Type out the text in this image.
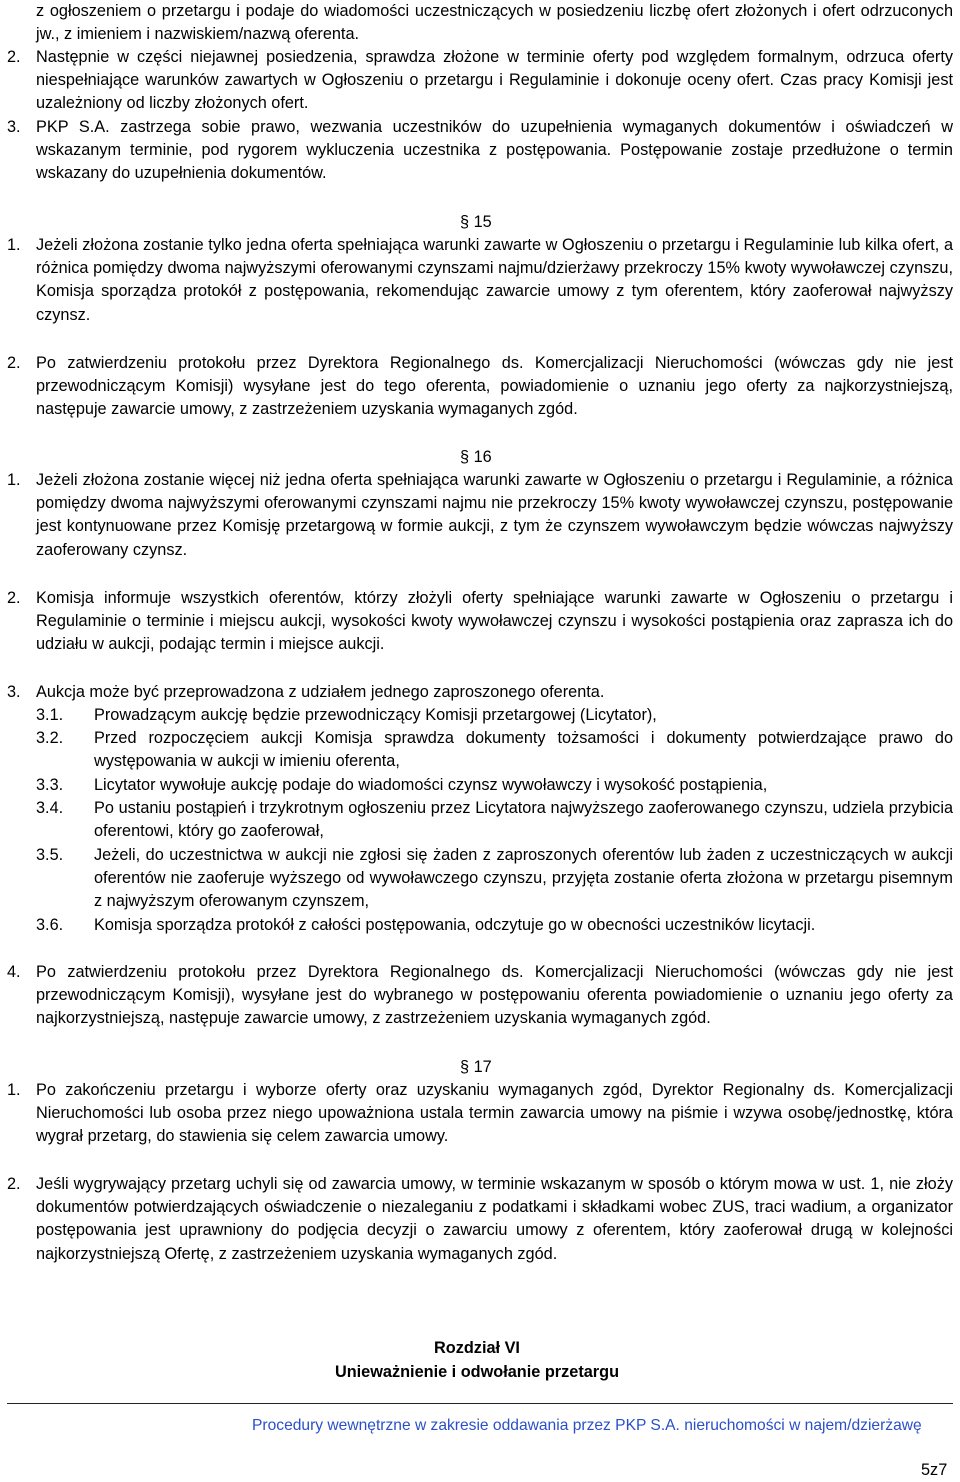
z ogłoszeniem o przetargu i podaje do wiadomości uczestniczących w posiedzeniu liczbę ofert złożonych i ofert odrzuconych jw., z imieniem i nazwiskiem/nazwą oferenta.
2. Następnie w części niejawnej posiedzenia, sprawdza złożone w terminie oferty pod względem formalnym, odrzuca oferty niespełniające warunków zawartych w Ogłoszeniu o przetargu i Regulaminie i dokonuje oceny ofert. Czas pracy Komisji jest uzależniony od liczby złożonych ofert.
3. PKP S.A. zastrzega sobie prawo, wezwania uczestników do uzupełnienia wymaganych dokumentów i oświadczeń w wskazanym terminie, pod rygorem wykluczenia uczestnika z postępowania. Postępowanie zostaje przedłużone o termin wskazany do uzupełnienia dokumentów.
§ 15
1. Jeżeli złożona zostanie tylko jedna oferta spełniająca warunki zawarte w Ogłoszeniu o przetargu i Regulaminie lub kilka ofert, a różnica pomiędzy dwoma najwyższymi oferowanymi czynszami najmu/dzierżawy przekroczy 15% kwoty wywoławczej czynszu, Komisja sporządza protokół z postępowania, rekomendując zawarcie umowy z tym oferentem, który zaoferował najwyższy czynsz.
2. Po zatwierdzeniu protokołu przez Dyrektora Regionalnego ds. Komercjalizacji Nieruchomości (wówczas gdy nie jest przewodniczącym Komisji) wysyłane jest do tego oferenta, powiadomienie o uznaniu jego oferty za najkorzystniejszą, następuje zawarcie umowy, z zastrzeżeniem uzyskania wymaganych zgód.
§ 16
1. Jeżeli złożona zostanie więcej niż jedna oferta spełniająca warunki zawarte w Ogłoszeniu o przetargu i Regulaminie, a różnica pomiędzy dwoma najwyższymi oferowanymi czynszami najmu nie przekroczy 15% kwoty wywoławczej czynszu, postępowanie jest kontynuowane przez Komisję przetargową w formie aukcji, z tym że czynszem wywoławczym będzie wówczas najwyższy zaoferowany czynsz.
2. Komisja informuje wszystkich oferentów, którzy złożyli oferty spełniające warunki zawarte w Ogłoszeniu o przetargu i Regulaminie o terminie i miejscu aukcji, wysokości kwoty wywoławczej czynszu i wysokości postąpienia oraz zaprasza ich do udziału w aukcji, podając termin i miejsce aukcji.
3. Aukcja może być przeprowadzona z udziałem jednego zaproszonego oferenta.
3.1. Prowadzącym aukcję będzie przewodniczący Komisji przetargowej (Licytator),
3.2. Przed rozpoczęciem aukcji Komisja sprawdza dokumenty tożsamości i dokumenty potwierdzające prawo do występowania w aukcji w imieniu oferenta,
3.3. Licytator wywołuje aukcję podaje do wiadomości czynsz wywoławczy i wysokość postąpienia,
3.4. Po ustaniu postąpień i trzykrotnym ogłoszeniu przez Licytatora najwyższego zaoferowanego czynszu, udziela przybicia oferentowi, który go zaoferował,
3.5. Jeżeli, do uczestnictwa w aukcji nie zgłosi się żaden z zaproszonych oferentów lub żaden z uczestniczących w aukcji oferentów nie zaoferuje wyższego od wywoławczego czynszu, przyjęta zostanie oferta złożona w przetargu pisemnym z najwyższym oferowanym czynszem,
3.6. Komisja sporządza protokół z całości postępowania, odczytuje go w obecności uczestników licytacji.
4. Po zatwierdzeniu protokołu przez Dyrektora Regionalnego ds. Komercjalizacji Nieruchomości (wówczas gdy nie jest przewodniczącym Komisji), wysyłane jest do wybranego w postępowaniu oferenta powiadomienie o uznaniu jego oferty za najkorzystniejszą, następuje zawarcie umowy, z zastrzeżeniem uzyskania wymaganych zgód.
§ 17
1. Po zakończeniu przetargu i wyborze oferty oraz uzyskaniu wymaganych zgód, Dyrektor Regionalny ds. Komercjalizacji Nieruchomości lub osoba przez niego upoważniona ustala termin zawarcia umowy na piśmie i wzywa osobę/jednostkę, która wygrał przetarg, do stawienia się celem zawarcia umowy.
2. Jeśli wygrywający przetarg uchyli się od zawarcia umowy, w terminie wskazanym w sposób o którym mowa w ust. 1, nie złoży dokumentów potwierdzających oświadczenie o niezaleganiu z podatkami i składkami wobec ZUS, traci wadium, a organizator postępowania jest uprawniony do podjęcia decyzji o zawarciu umowy z oferentem, który zaoferował drugą w kolejności najkorzystniejszą Ofertę, z zastrzeżeniem uzyskania wymaganych zgód.
Rozdział VI
Unieważnienie i odwołanie przetargu
Procedury wewnętrzne w zakresie oddawania przez PKP S.A. nieruchomości w najem/dzierżawę
5z7
